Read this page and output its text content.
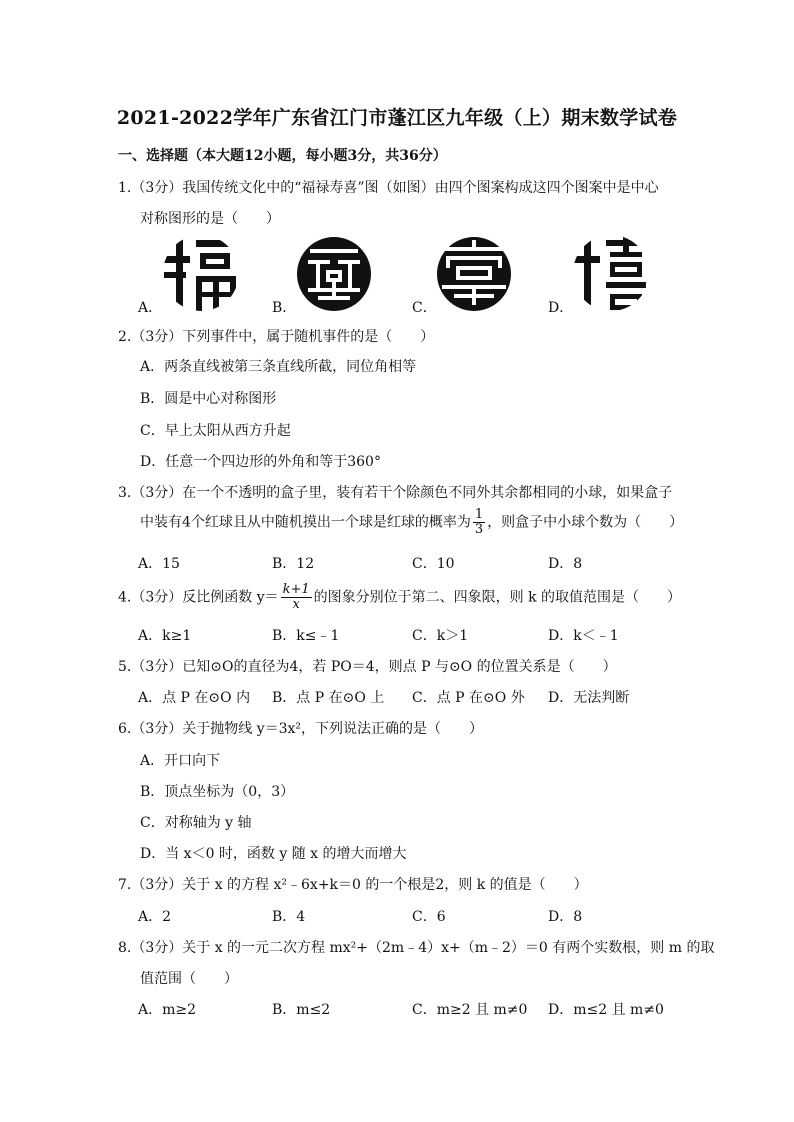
2021-2022学年广东省江门市蓬江区九年级（上）期末数学试卷
一、选择题（本大题12小题，每小题3分，共36分）
1.（3分）我国传统文化中的“福禄寿喜”图（如图）由四个图案构成这四个图案中是中心
对称图形的是（　　）
A．	B．	C．	D．
2.（3分）下列事件中，属于随机事件的是（　　）
A．两条直线被第三条直线所截，同位角相等
B．圆是中心对称图形
C．早上太阳从西方升起
D．任意一个四边形的外角和等于360°
3.（3分）在一个不透明的盒子里，装有若干个除颜色不同外其余都相同的小球，如果盒子
中装有4个红球且从中随机摸出一个球是红球的概率为 $\frac{1}{3}$ ，则盒子中小球个数为（　　）
A．15	B．12	C．10	D．8
4.（3分）反比例函数 $y= \frac{k+1}{x}$ 的图象分别位于第二、四象限，则 k 的取值范围是（　　）
A．k≥1	B．k≤﹣1	C．k＞1	D．k＜﹣1
5.（3分）已知⊙O的直径为4，若 PO＝4，则点 P 与⊙O 的位置关系是（　　）
A．点 P 在⊙O 内 B．点 P 在⊙O 上 C．点 P 在⊙O 外 D．无法判断
6.（3分）关于抛物线 y＝3x²，下列说法正确的是（　　）
A．开口向下
B．顶点坐标为（0，3）
C．对称轴为 y 轴
D．当 x＜0 时，函数 y 随 x 的增大而增大
7.（3分）关于 x 的方程 x²﹣6x+k＝0 的一个根是2，则 k 的值是（　　）
A．2	B．4	C．6	D．8
8.（3分）关于 x 的一元二次方程 mx²+（2m﹣4）x+（m﹣2）＝0 有两个实数根，则 m 的取
值范围（　　）
A．m≥2	B．m≤2	C．m≥2 且 m≠0 D．m≤2 且 m≠0
